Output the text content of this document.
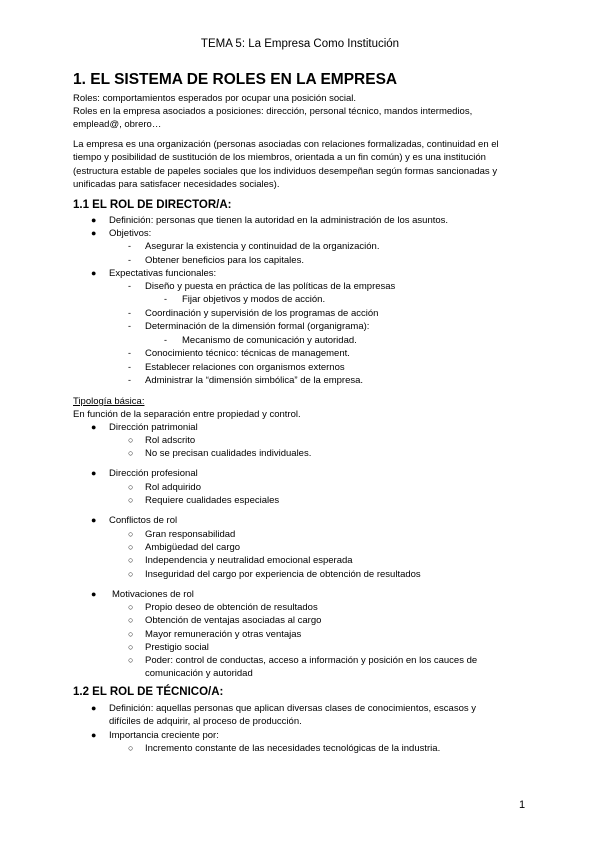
TEMA 5: La Empresa Como Institución
1. EL SISTEMA DE ROLES EN LA EMPRESA
Roles: comportamientos esperados por ocupar una posición social.
Roles en la empresa asociados a posiciones: dirección, personal técnico, mandos intermedios, emplead@, obrero…
La empresa es una organización (personas asociadas con relaciones formalizadas, continuidad en el tiempo y posibilidad de sustitución de los miembros, orientada a un fin común) y es una institución (estructura estable de papeles sociales que los individuos desempeñan según formas sancionadas y unificadas para satisfacer necesidades sociales).
1.1 EL ROL DE DIRECTOR/A:
● Definición: personas que tienen la autoridad en la administración de los asuntos.
● Objetivos:
- Asegurar la existencia y continuidad de la organización.
- Obtener beneficios para los capitales.
● Expectativas funcionales:
- Diseño y puesta en práctica de las políticas de la empresas
- Fijar objetivos y modos de acción.
- Coordinación y supervisión de los programas de acción
- Determinación de la dimensión formal (organigrama):
- Mecanismo de comunicación y autoridad.
- Conocimiento técnico: técnicas de management.
- Establecer relaciones con organismos externos
- Administrar la “dimensión simbólica” de la empresa.
Tipología básica:
En función de la separación entre propiedad y control.
● Dirección patrimonial
○ Rol adscrito
○ No se precisan cualidades individuales.
● Dirección profesional
○ Rol adquirido
○ Requiere cualidades especiales
● Conflictos de rol
○ Gran responsabilidad
○ Ambigüedad del cargo
○ Independencia y neutralidad emocional esperada
○ Inseguridad del cargo por experiencia de obtención de resultados
● Motivaciones de rol
○ Propio deseo de obtención de resultados
○ Obtención de ventajas asociadas al cargo
○ Mayor remuneración y otras ventajas
○ Prestigio social
○ Poder: control de conductas, acceso a información y posición en los cauces de
comunicación y autoridad
1.2 EL ROL DE TÉCNICO/A:
● Definición: aquellas personas que aplican diversas clases de conocimientos, escasos y difíciles de adquirir, al proceso de producción.
● Importancia creciente por:
○ Incremento constante de las necesidades tecnológicas de la industria.
1
